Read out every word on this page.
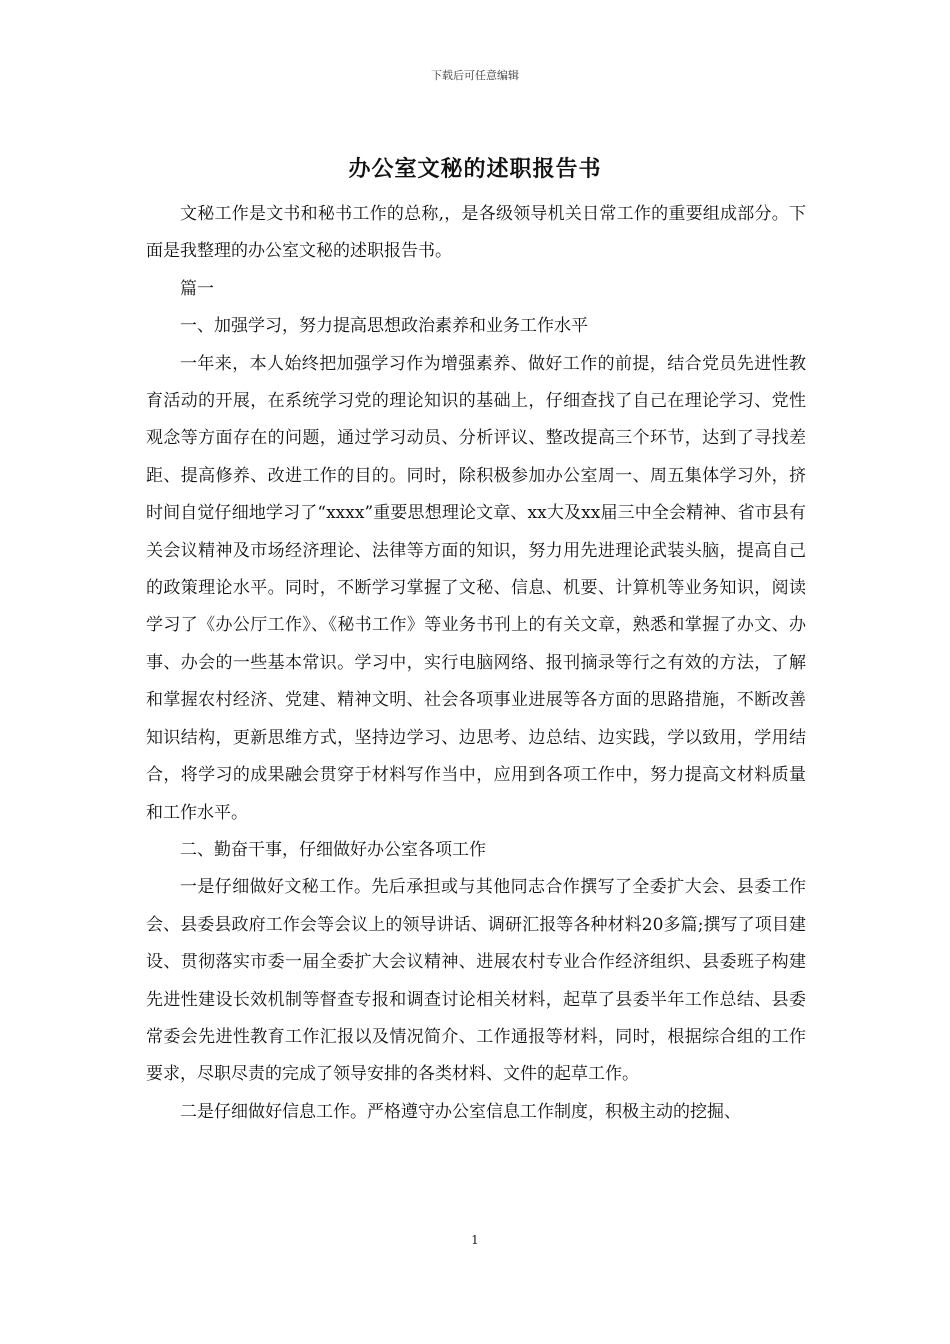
下载后可任意编辑
办公室文秘的述职报告书

文秘工作是文书和秘书工作的总称,，是各级领导机关日常工作的重要组成部分。下面是我整理的办公室文秘的述职报告书。

篇一

一、加强学习，努力提高思想政治素养和业务工作水平

一年来，本人始终把加强学习作为增强素养、做好工作的前提，结合党员先进性教育活动的开展，在系统学习党的理论知识的基础上，仔细查找了自己在理论学习、党性观念等方面存在的问题，通过学习动员、分析评议、整改提高三个环节，达到了寻找差距、提高修养、改进工作的目的。同时，除积极参加办公室周一、周五集体学习外，挤时间自觉仔细地学习了“xxxx”重要思想理论文章、xx大及xx届三中全会精神、省市县有关会议精神及市场经济理论、法律等方面的知识，努力用先进理论武装头脑，提高自己的政策理论水平。同时，不断学习掌握了文秘、信息、机要、计算机等业务知识，阅读学习了《办公厅工作》、《秘书工作》等业务书刊上的有关文章，熟悉和掌握了办文、办事、办会的一些基本常识。学习中，实行电脑网络、报刊摘录等行之有效的方法，了解和掌握农村经济、党建、精神文明、社会各项事业进展等各方面的思路措施，不断改善知识结构，更新思维方式，坚持边学习、边思考、边总结、边实践，学以致用，学用结合，将学习的成果融会贯穿于材料写作当中，应用到各项工作中，努力提高文材料质量和工作水平。

二、勤奋干事，仔细做好办公室各项工作

一是仔细做好文秘工作。先后承担或与其他同志合作撰写了全委扩大会、县委工作会、县委县政府工作会等会议上的领导讲话、调研汇报等各种材料20多篇;撰写了项目建设、贯彻落实市委一届全委扩大会议精神、进展农村专业合作经济组织、县委班子构建先进性建设长效机制等督查专报和调查讨论相关材料，起草了县委半年工作总结、县委常委会先进性教育工作汇报以及情况简介、工作通报等材料，同时，根据综合组的工作要求，尽职尽责的完成了领导安排的各类材料、文件的起草工作。

二是仔细做好信息工作。严格遵守办公室信息工作制度，积极主动的挖掘、

1
